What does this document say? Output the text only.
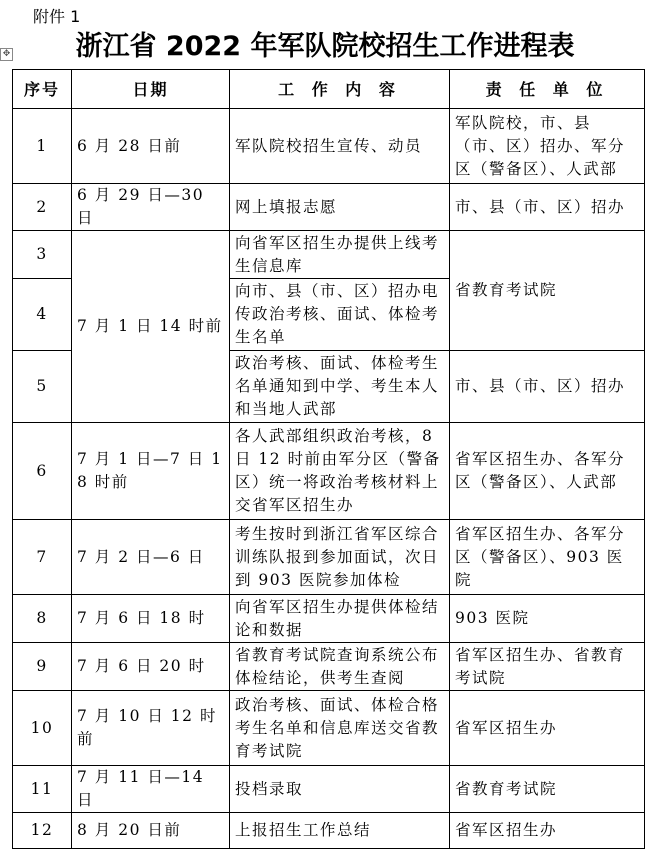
附件 1
✥	浙江省 2022 年军队院校招生工作进程表
序号	日期	工 作 内 容	责 任 单 位
1	6 月 28 日前	军队院校招生宣传、动员	军队院校，市、县（市、区）招办、军分区（警备区）、人武部
2	6 月 29 日—30 日	网上填报志愿	市、县（市、区）招办
3	7 月 1 日 14 时前	向省军区招生办提供上线考生信息库	省教育考试院
4		向市、县（市、区）招办电传政治考核、面试、体检考生名单	
5		政治考核、面试、体检考生名单通知到中学、考生本人和当地人武部	市、县（市、区）招办
6	7 月 1 日—7 日 18 时前	各人武部组织政治考核，8 日 12 时前由军分区（警备区）统一将政治考核材料上交省军区招生办	省军区招生办、各军分区（警备区）、人武部
7	7 月 2 日—6 日	考生按时到浙江省军区综合训练队报到参加面试，次日到 903 医院参加体检	省军区招生办、各军分区（警备区）、903 医院
8	7 月 6 日 18 时	向省军区招生办提供体检结论和数据	903 医院
9	7 月 6 日 20 时	省教育考试院查询系统公布体检结论，供考生查阅	省军区招生办、省教育考试院
10	7 月 10 日 12 时前	政治考核、面试、体检合格考生名单和信息库送交省教育考试院	省军区招生办
11	7 月 11 日—14 日	投档录取	省教育考试院
12	8 月 20 日前	上报招生工作总结	省军区招生办
